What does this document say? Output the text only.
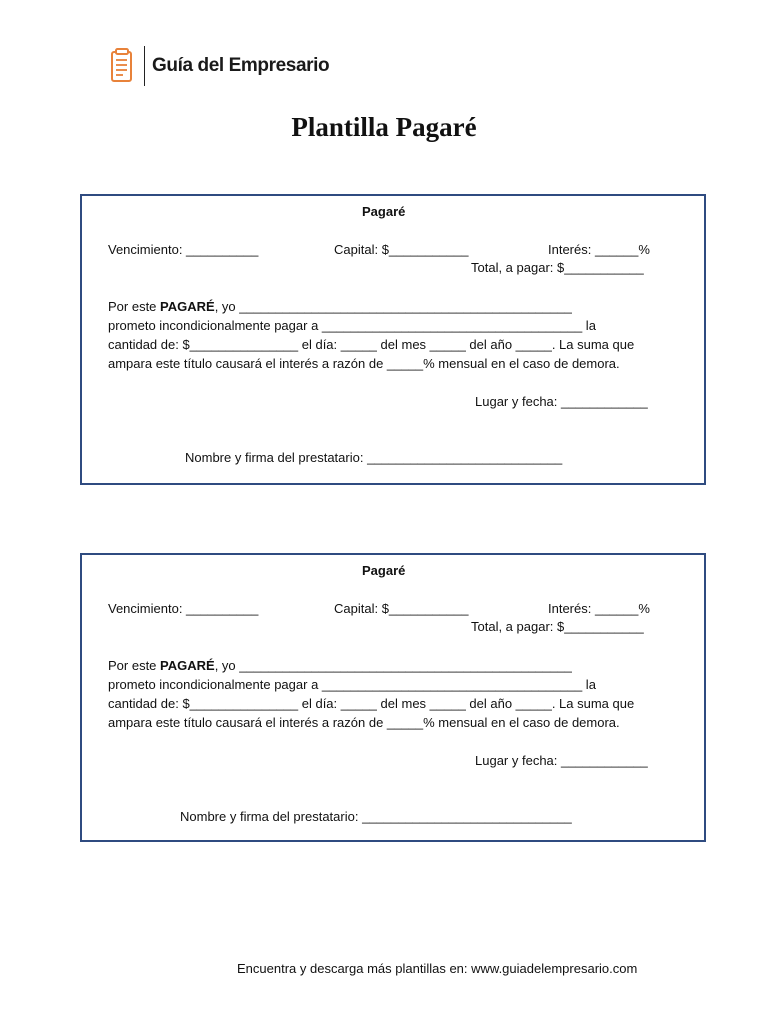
Guía del Empresario
Plantilla Pagaré
Pagaré
Vencimiento: __________	Capital: $___________	Interés: ______%
Total, a pagar: $___________
Por este PAGARÉ, yo ______________________________________________
prometo incondicionalmente pagar a ____________________________________ la
cantidad de: $_______________ el día: _____ del mes _____ del año _____. La suma que
ampara este título causará el interés a razón de _____% mensual en el caso de demora.
Lugar y fecha: ____________
Nombre y firma del prestatario: ___________________________
Pagaré
Vencimiento: __________	Capital: $___________	Interés: ______%
Total, a pagar: $___________
Por este PAGARÉ, yo ______________________________________________
prometo incondicionalmente pagar a ____________________________________ la
cantidad de: $_______________ el día: _____ del mes _____ del año _____. La suma que
ampara este título causará el interés a razón de _____% mensual en el caso de demora.
Lugar y fecha: ____________
Nombre y firma del prestatario: _____________________________
Encuentra y descarga más plantillas en: www.guiadelempresario.com
